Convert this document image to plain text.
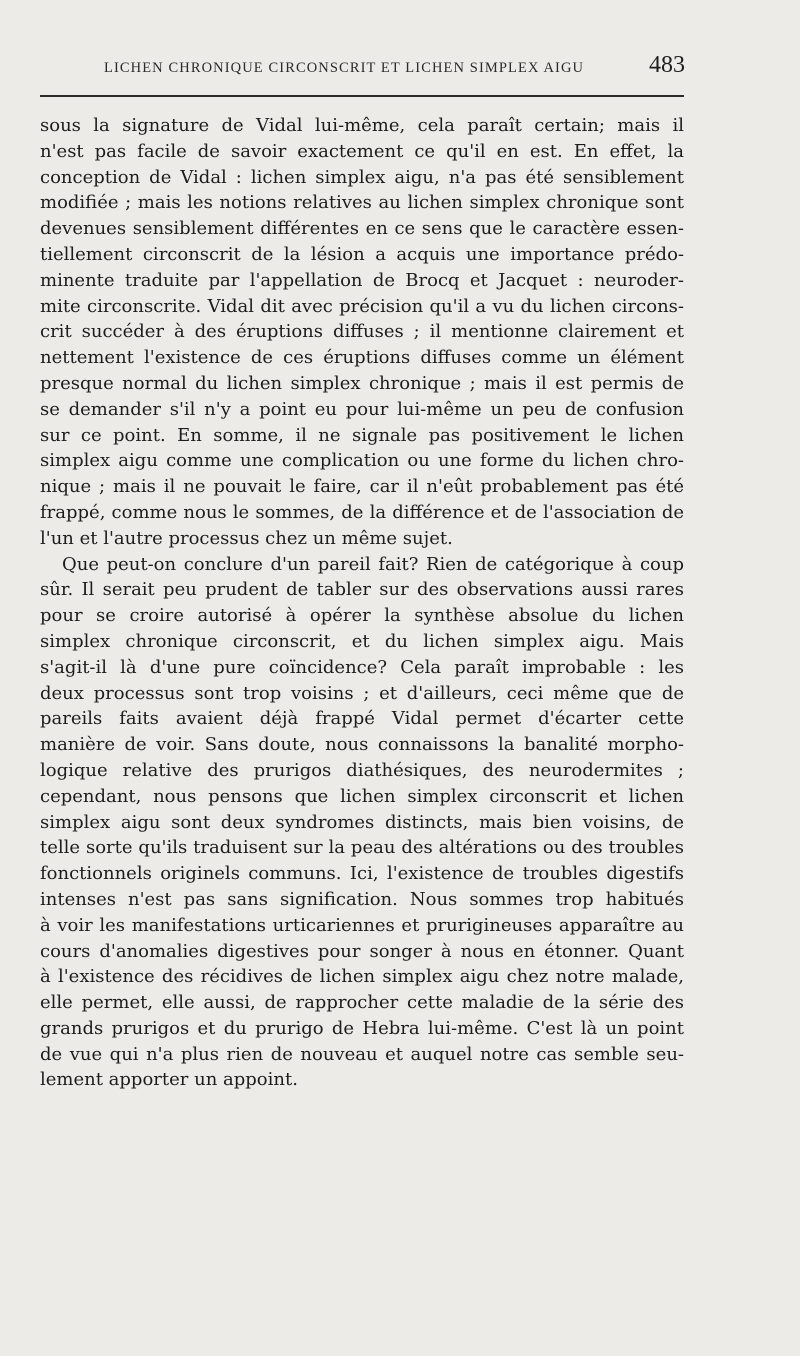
LICHEN CHRONIQUE CIRCONSCRIT ET LICHEN SIMPLEX AIGU	483
sous la signature de Vidal lui-même, cela paraît certain; mais il
n'est pas facile de savoir exactement ce qu'il en est. En effet, la
conception de Vidal : lichen simplex aigu, n'a pas été sensiblement
modifiée ; mais les notions relatives au lichen simplex chronique sont
devenues sensiblement différentes en ce sens que le caractère essen-
tiellement circonscrit de la lésion a acquis une importance prédo-
minente traduite par l'appellation de Brocq et Jacquet : neuroder-
mite circonscrite. Vidal dit avec précision qu'il a vu du lichen circons-
crit succéder à des éruptions diffuses ; il mentionne clairement et
nettement l'existence de ces éruptions diffuses comme un élément
presque normal du lichen simplex chronique ; mais il est permis de
se demander s'il n'y a point eu pour lui-même un peu de confusion
sur ce point. En somme, il ne signale pas positivement le lichen
simplex aigu comme une complication ou une forme du lichen chro-
nique ; mais il ne pouvait le faire, car il n'eût probablement pas été
frappé, comme nous le sommes, de la différence et de l'association de
l'un et l'autre processus chez un même sujet.
Que peut-on conclure d'un pareil fait? Rien de catégorique à coup
sûr. Il serait peu prudent de tabler sur des observations aussi rares
pour se croire autorisé à opérer la synthèse absolue du lichen
simplex chronique circonscrit, et du lichen simplex aigu. Mais
s'agit-il là d'une pure coïncidence? Cela paraît improbable : les
deux processus sont trop voisins ; et d'ailleurs, ceci même que de
pareils faits avaient déjà frappé Vidal permet d'écarter cette
manière de voir. Sans doute, nous connaissons la banalité morpho-
logique relative des prurigos diathésiques, des neurodermites ;
cependant, nous pensons que lichen simplex circonscrit et lichen
simplex aigu sont deux syndromes distincts, mais bien voisins, de
telle sorte qu'ils traduisent sur la peau des altérations ou des troubles
fonctionnels originels communs. Ici, l'existence de troubles digestifs
intenses n'est pas sans signification. Nous sommes trop habitués
à voir les manifestations urticariennes et prurigineuses apparaître au
cours d'anomalies digestives pour songer à nous en étonner. Quant
à l'existence des récidives de lichen simplex aigu chez notre malade,
elle permet, elle aussi, de rapprocher cette maladie de la série des
grands prurigos et du prurigo de Hebra lui-même. C'est là un point
de vue qui n'a plus rien de nouveau et auquel notre cas semble seu-
lement apporter un appoint.
